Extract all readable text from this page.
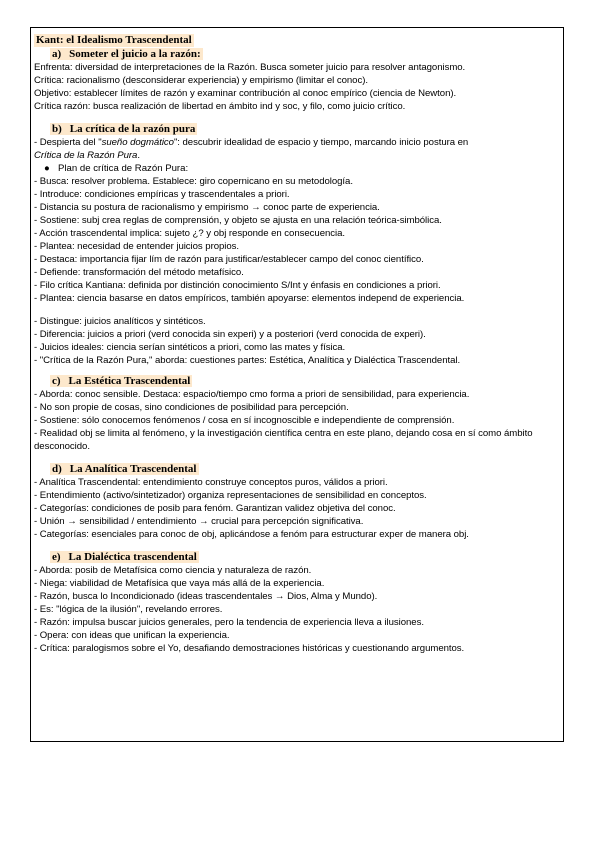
Kant: el Idealismo Trascendental
a) Someter el juicio a la razón:
Enfrenta: diversidad de interpretaciones de la Razón. Busca someter juicio para resolver antagonismo.
Crítica: racionalismo (desconsiderar experiencia) y empirismo (limitar el conoc).
Objetivo: establecer límites de razón y examinar contribución al conoc empírico (ciencia de Newton).
Crítica razón: busca realización de libertad en ámbito ind y soc, y filo, como juicio crítico.
b) La crítica de la razón pura
- Despierta del "sueño dogmático": descubrir idealidad de espacio y tiempo, marcando inicio postura en
Crítica de la Razón Pura.
● Plan de crítica de Razón Pura:
- Busca: resolver problema. Establece: giro copernicano en su metodología.
- Introduce: condiciones empíricas y trascendentales a priori.
- Distancia su postura de racionalismo y empirismo → conoc parte de experiencia.
- Sostiene: subj crea reglas de comprensión, y objeto se ajusta en una relación teórica-simbólica.
- Acción trascendental implica: sujeto ¿? y obj responde en consecuencia.
- Plantea: necesidad de entender juicios propios.
- Destaca: importancia fijar lím de razón para justificar/establecer campo del conoc científico.
- Defiende: transformación del método metafísico.
- Filo crítica Kantiana: definida por distinción conocimiento S/Int y énfasis en condiciones a priori.
- Plantea: ciencia basarse en datos empíricos, también apoyarse: elementos independ de experiencia.
- Distingue: juicios analíticos y sintéticos.
- Diferencia: juicios a priori (verd conocida sin experi) y a posteriori (verd conocida de experi).
- Juicios ideales: ciencia serían sintéticos a priori, como las mates y física.
- "Crítica de la Razón Pura," aborda: cuestiones partes: Estética, Analítica y Dialéctica Trascendental.
c) La Estética Trascendental
- Aborda: conoc sensible. Destaca: espacio/tiempo cmo forma a priori de sensibilidad, para experiencia.
- No son propie de cosas, sino condiciones de posibilidad para percepción.
- Sostiene: sólo conocemos fenómenos / cosa en sí incognoscible e independiente de comprensión.
- Realidad obj se limita al fenómeno, y la investigación científica centra en este plano, dejando cosa en sí como ámbito desconocido.
d) La Analítica Trascendental
- Analítica Trascendental: entendimiento construye conceptos puros, válidos a priori.
- Entendimiento (activo/sintetizador) organiza representaciones de sensibilidad en conceptos.
- Categorías: condiciones de posib para fenóm. Garantizan validez objetiva del conoc.
- Unión → sensibilidad / entendimiento → crucial para percepción significativa.
- Categorías: esenciales para conoc de obj, aplicándose a fenóm para estructurar exper de manera obj.
e) La Dialéctica trascendental
- Aborda: posib de Metafísica como ciencia y naturaleza de razón.
- Niega: viabilidad de Metafísica que vaya más allá de la experiencia.
- Razón, busca lo Incondicionado (ideas trascendentales → Dios, Alma y Mundo).
- Es: "lógica de la ilusión", revelando errores.
- Razón: impulsa buscar juicios generales, pero la tendencia de experiencia lleva a ilusiones.
- Opera: con ideas que unifican la experiencia.
- Crítica: paralogismos sobre el Yo, desafiando demostraciones históricas y cuestionando argumentos.
